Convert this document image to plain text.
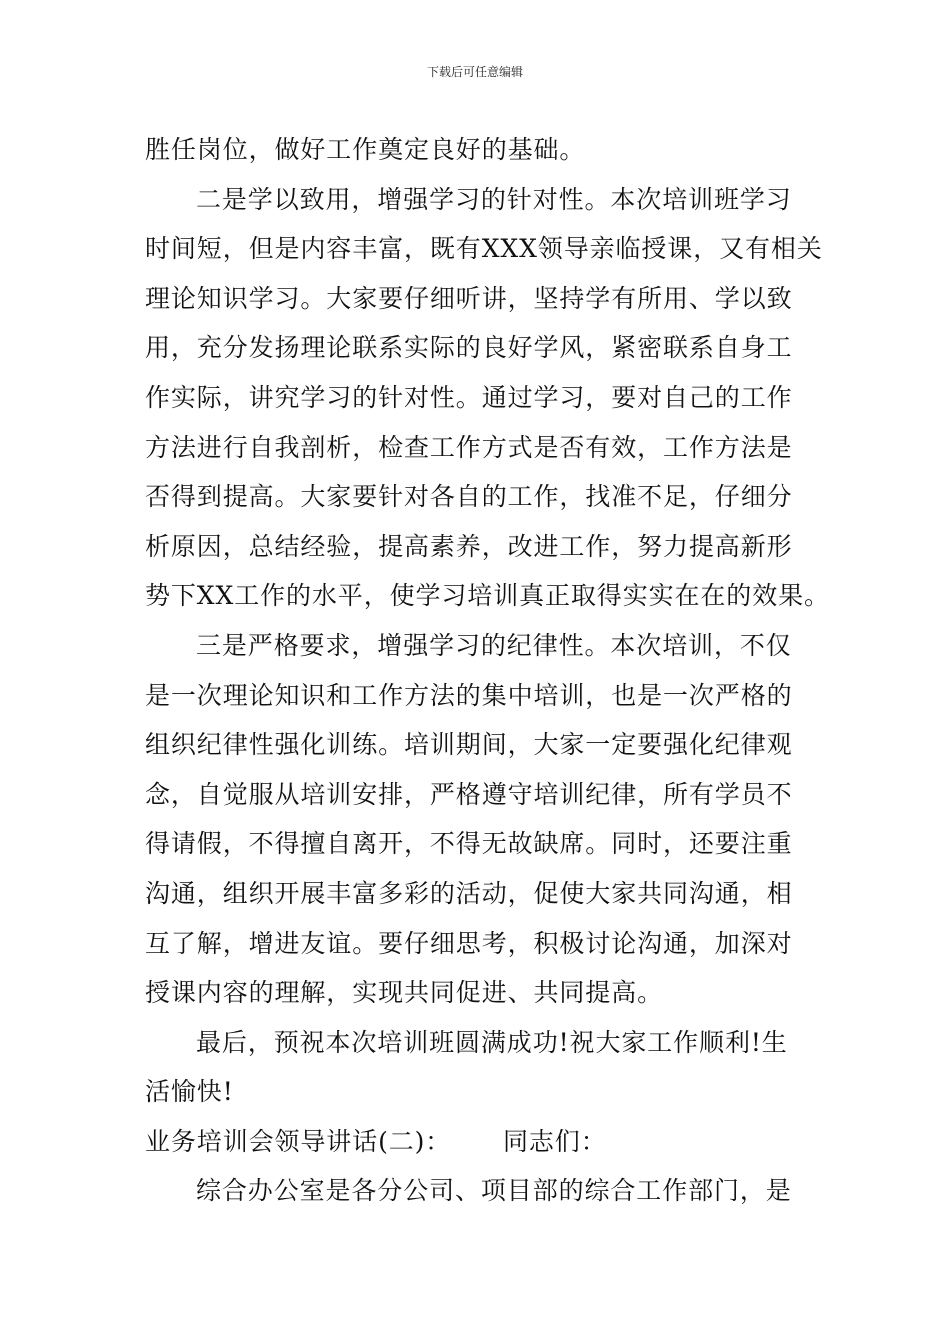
下载后可任意编辑
胜任岗位，做好工作奠定良好的基础。
二是学以致用，增强学习的针对性。本次培训班学习
时间短，但是内容丰富，既有XXX领导亲临授课，又有相关
理论知识学习。大家要仔细听讲，坚持学有所用、学以致
用，充分发扬理论联系实际的良好学风，紧密联系自身工
作实际，讲究学习的针对性。通过学习，要对自己的工作
方法进行自我剖析，检查工作方式是否有效，工作方法是
否得到提高。大家要针对各自的工作，找准不足，仔细分
析原因，总结经验，提高素养，改进工作，努力提高新形
势下XX工作的水平，使学习培训真正取得实实在在的效果。
三是严格要求，增强学习的纪律性。本次培训，不仅
是一次理论知识和工作方法的集中培训，也是一次严格的
组织纪律性强化训练。培训期间，大家一定要强化纪律观
念，自觉服从培训安排，严格遵守培训纪律，所有学员不
得请假，不得擅自离开，不得无故缺席。同时，还要注重
沟通，组织开展丰富多彩的活动，促使大家共同沟通，相
互了解，增进友谊。要仔细思考，积极讨论沟通，加深对
授课内容的理解，实现共同促进、共同提高。
最后，预祝本次培训班圆满成功!祝大家工作顺利!生
活愉快!
业务培训会领导讲话(二)： 同志们：
综合办公室是各分公司、项目部的综合工作部门，是
